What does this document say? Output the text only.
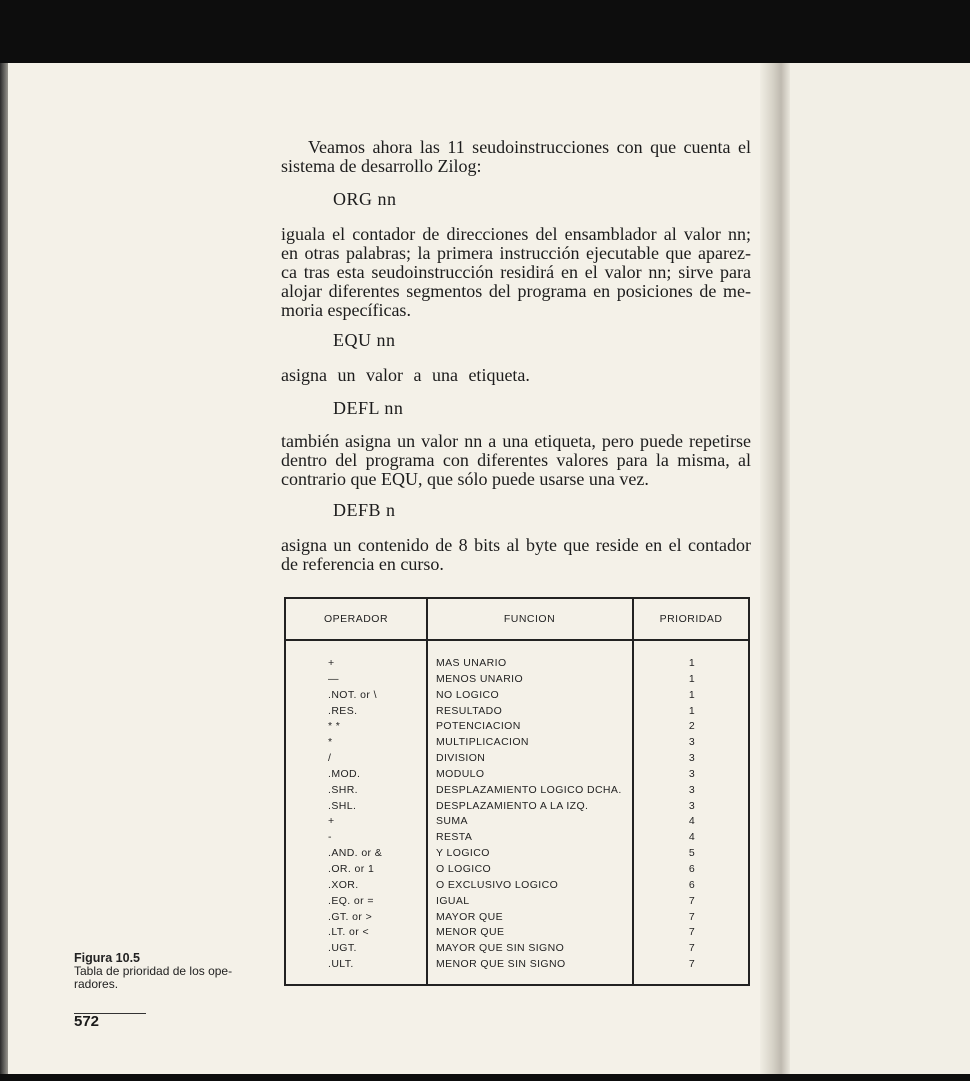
Veamos ahora las 11 seudoinstrucciones con que cuenta el
sistema de desarrollo Zilog:
ORG nn
iguala el contador de direcciones del ensamblador al valor nn;
en otras palabras; la primera instrucción ejecutable que aparez-
ca tras esta seudoinstrucción residirá en el valor nn; sirve para
alojar diferentes segmentos del programa en posiciones de me-
moria específicas.
EQU nn
asigna un valor a una etiqueta.
DEFL nn
también asigna un valor nn a una etiqueta, pero puede repetirse
dentro del programa con diferentes valores para la misma, al
contrario que EQU, que sólo puede usarse una vez.
DEFB n
asigna un contenido de 8 bits al byte que reside en el contador
de referencia en curso.
OPERADOR	FUNCION	PRIORIDAD
+	MAS UNARIO	1
—	MENOS UNARIO	1
.NOT. or \	NO LOGICO	1
.RES.	RESULTADO	1
* *	POTENCIACION	2
*	MULTIPLICACION	3
/	DIVISION	3
.MOD.	MODULO	3
.SHR.	DESPLAZAMIENTO LOGICO DCHA.	3
.SHL.	DESPLAZAMIENTO A LA IZQ.	3
+	SUMA	4
-	RESTA	4
.AND. or &	Y LOGICO	5
.OR. or 1	O LOGICO	6
.XOR.	O EXCLUSIVO LOGICO	6
.EQ. or =	IGUAL	7
.GT. or >	MAYOR QUE	7
.LT. or <	MENOR QUE	7
.UGT.	MAYOR QUE SIN SIGNO	7
.ULT.	MENOR QUE SIN SIGNO	7
Figura 10.5
Tabla de prioridad de los ope-
radores.
572
